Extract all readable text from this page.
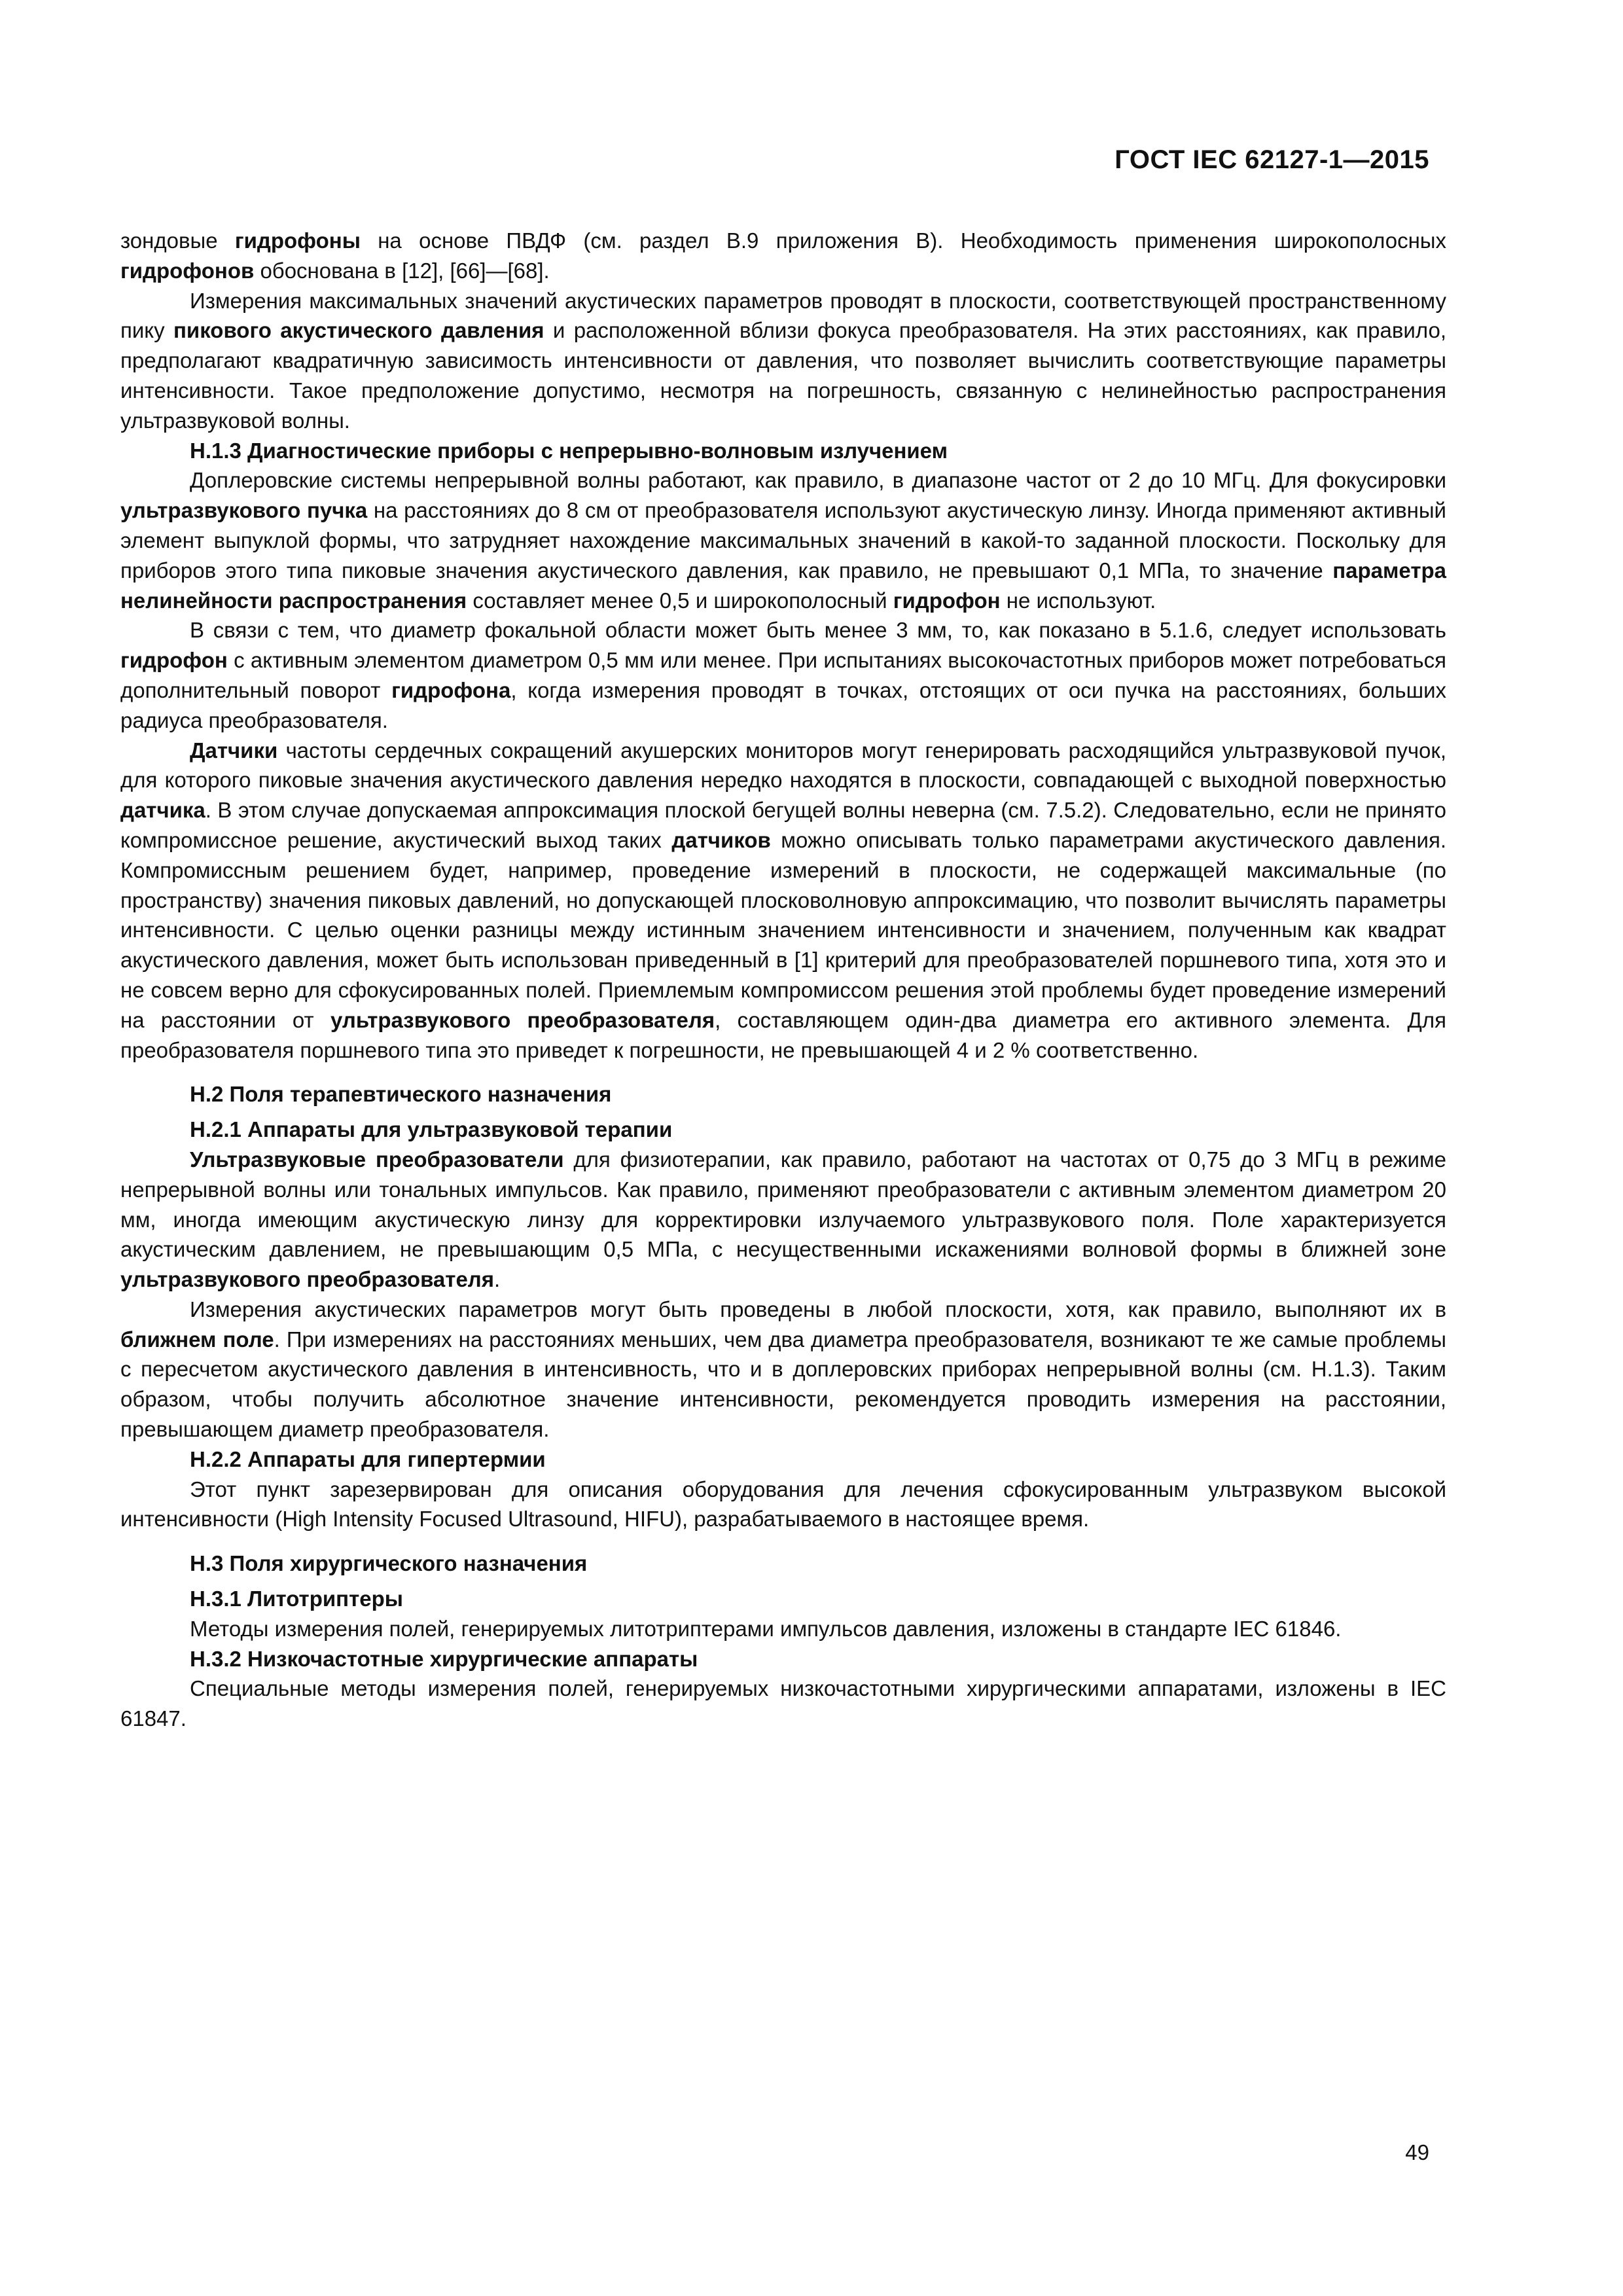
ГОСТ IEC 62127-1—2015

зондовые гидрофоны на основе ПВДФ (см. раздел В.9 приложения В). Необходимость применения широкополосных гидрофонов обоснована в [12], [66]—[68].

Измерения максимальных значений акустических параметров проводят в плоскости, соответствующей пространственному пику пикового акустического давления и расположенной вблизи фокуса преобразователя. На этих расстояниях, как правило, предполагают квадратичную зависимость интенсивности от давления, что позволяет вычислить соответствующие параметры интенсивности. Такое предположение допустимо, несмотря на погрешность, связанную с нелинейностью распространения ультразвуковой волны.

Н.1.3 Диагностические приборы с непрерывно-волновым излучением

Доплеровские системы непрерывной волны работают, как правило, в диапазоне частот от 2 до 10 МГц. Для фокусировки ультразвукового пучка на расстояниях до 8 см от преобразователя используют акустическую линзу. Иногда применяют активный элемент выпуклой формы, что затрудняет нахождение максимальных значений в какой-то заданной плоскости. Поскольку для приборов этого типа пиковые значения акустического давления, как правило, не превышают 0,1 МПа, то значение параметра нелинейности распространения составляет менее 0,5 и широкополосный гидрофон не используют.

В связи с тем, что диаметр фокальной области может быть менее 3 мм, то, как показано в 5.1.6, следует использовать гидрофон с активным элементом диаметром 0,5 мм или менее. При испытаниях высокочастотных приборов может потребоваться дополнительный поворот гидрофона, когда измерения проводят в точках, отстоящих от оси пучка на расстояниях, больших радиуса преобразователя.

Датчики частоты сердечных сокращений акушерских мониторов могут генерировать расходящийся ультразвуковой пучок, для которого пиковые значения акустического давления нередко находятся в плоскости, совпадающей с выходной поверхностью датчика. В этом случае допускаемая аппроксимация плоской бегущей волны неверна (см. 7.5.2). Следовательно, если не принято компромиссное решение, акустический выход таких датчиков можно описывать только параметрами акустического давления. Компромиссным решением будет, например, проведение измерений в плоскости, не содержащей максимальные (по пространству) значения пиковых давлений, но допускающей плосковолновую аппроксимацию, что позволит вычислять параметры интенсивности. С целью оценки разницы между истинным значением интенсивности и значением, полученным как квадрат акустического давления, может быть использован приведенный в [1] критерий для преобразователей поршневого типа, хотя это и не совсем верно для сфокусированных полей. Приемлемым компромиссом решения этой проблемы будет проведение измерений на расстоянии от ультразвукового преобразователя, составляющем один-два диаметра его активного элемента. Для преобразователя поршневого типа это приведет к погрешности, не превышающей 4 и 2 % соответственно.

Н.2 Поля терапевтического назначения

Н.2.1 Аппараты для ультразвуковой терапии

Ультразвуковые преобразователи для физиотерапии, как правило, работают на частотах от 0,75 до 3 МГц в режиме непрерывной волны или тональных импульсов. Как правило, применяют преобразователи с активным элементом диаметром 20 мм, иногда имеющим акустическую линзу для корректировки излучаемого ультразвукового поля. Поле характеризуется акустическим давлением, не превышающим 0,5 МПа, с несущественными искажениями волновой формы в ближней зоне ультразвукового преобразователя.

Измерения акустических параметров могут быть проведены в любой плоскости, хотя, как правило, выполняют их в ближнем поле. При измерениях на расстояниях меньших, чем два диаметра преобразователя, возникают те же самые проблемы с пересчетом акустического давления в интенсивность, что и в доплеровских приборах непрерывной волны (см. Н.1.3). Таким образом, чтобы получить абсолютное значение интенсивности, рекомендуется проводить измерения на расстоянии, превышающем диаметр преобразователя.

Н.2.2 Аппараты для гипертермии

Этот пункт зарезервирован для описания оборудования для лечения сфокусированным ультразвуком высокой интенсивности (High Intensity Focused Ultrasound, HIFU), разрабатываемого в настоящее время.

Н.3 Поля хирургического назначения

Н.3.1 Литотриптеры

Методы измерения полей, генерируемых литотриптерами импульсов давления, изложены в стандарте IEC 61846.

Н.3.2 Низкочастотные хирургические аппараты

Специальные методы измерения полей, генерируемых низкочастотными хирургическими аппаратами, изложены в IEC 61847.

49
